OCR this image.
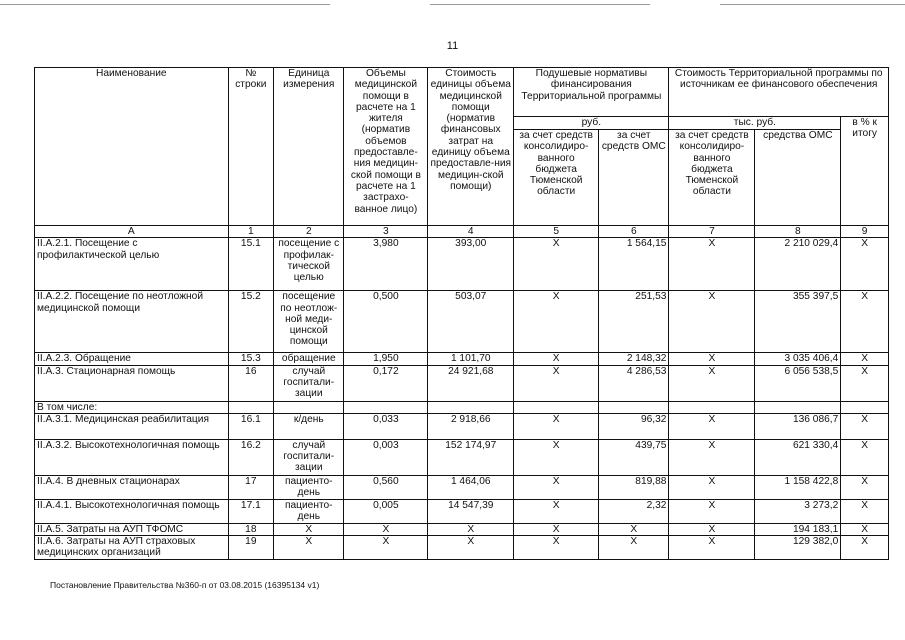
11
Наименование	№ строки	Единица измерения	Объемы медицинской помощи в расчете на 1 жителя (норматив объемов предоставле-ния медицин-ской помощи в расчете на 1 застрахо-ванное лицо)	Стоимость единицы объема медицинской помощи (норматив финансовых затрат на единицу объема предоставле-ния медицин-ской помощи)	Подушевые нормативы финансирования Территориальной программы		Стоимость Территориальной программы по источникам ее финансового обеспечения		
					руб.		тыс. руб.		в % к итогу
					за счет средств консолидиро-ванного бюджета Тюменской области	за счет средств ОМС	за счет средств консолидиро-ванного бюджета Тюменской области	средства ОМС	
А	1	2	3	4	5	6	7	8	9
II.А.2.1. Посещение с профилактической целью	15.1	посещение с профилак-тической целью	3,980	393,00	X	1 564,15	X	2 210 029,4	X
II.А.2.2. Посещение по неотложной медицинской помощи	15.2	посещение по неотлож-ной меди-цинской помощи	0,500	503,07	X	251,53	X	355 397,5	X
II.А.2.3. Обращение	15.3	обращение	1,950	1 101,70	X	2 148,32	X	3 035 406,4	X
II.А.3. Стационарная помощь	16	случай госпитали-зации	0,172	24 921,68	X	4 286,53	X	6 056 538,5	X
В том числе:									
II.А.3.1. Медицинская реабилитация	16.1	к/день	0,033	2 918,66	X	96,32	X	136 086,7	X
II.А.3.2. Высокотехнологичная помощь	16.2	случай госпитали-зации	0,003	152 174,97	X	439,75	X	621 330,4	X
II.А.4. В дневных стационарах	17	пациенто-день	0,560	1 464,06	X	819,88	X	1 158 422,8	X
II.А.4.1. Высокотехнологичная помощь	17.1	пациенто-день	0,005	14 547,39	X	2,32	X	3 273,2	X
II.А.5. Затраты на АУП ТФОМС	18	X	X	X	X	X	X	194 183,1	X
II.А.6. Затраты на АУП страховых медицинских организаций	19	X	X	X	X	X	X	129 382,0	X
Постановление Правительства №360-п от 03.08.2015 (16395134 v1)
